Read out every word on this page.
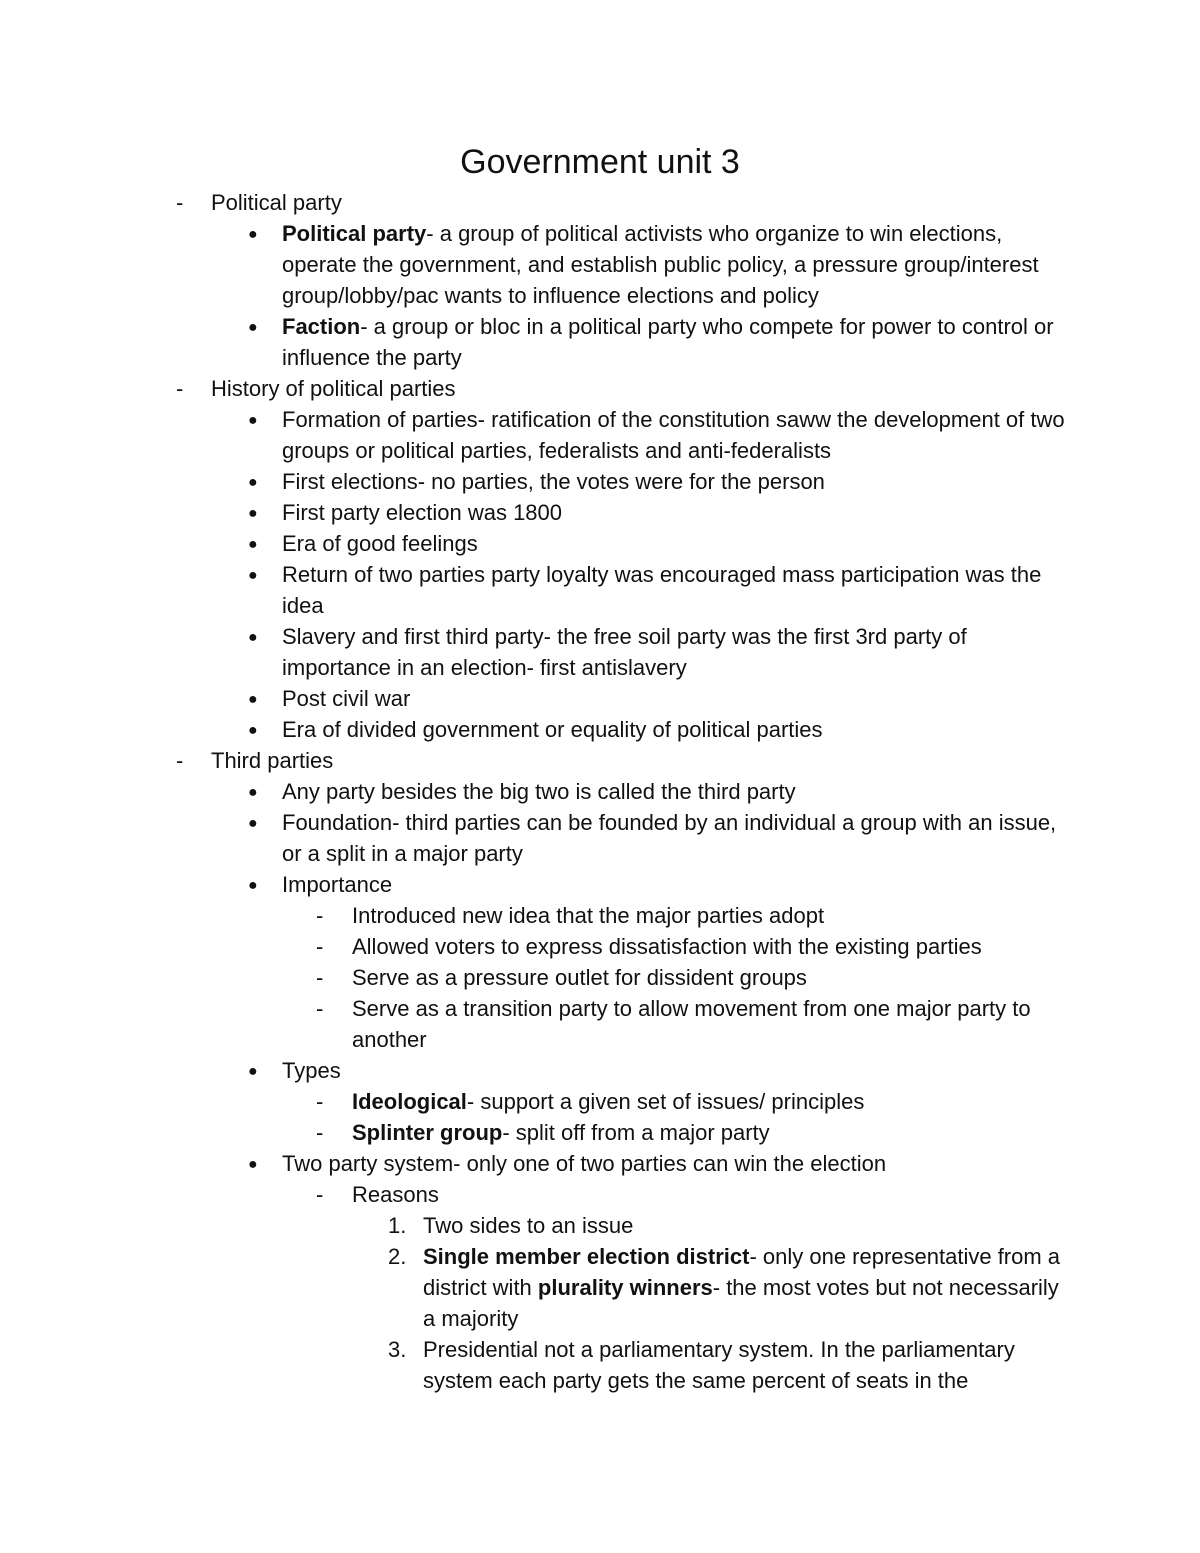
Government unit 3
- Political party
● Political party- a group of political activists who organize to win elections, operate the government, and establish public policy, a pressure group/interest group/lobby/pac wants to influence elections and policy
● Faction- a group or bloc in a political party who compete for power to control or influence the party
- History of political parties
● Formation of parties- ratification of the constitution saww the development of two groups or political parties, federalists and anti-federalists
● First elections- no parties, the votes were for the person
● First party election was 1800
● Era of good feelings
● Return of two parties party loyalty was encouraged mass participation was the idea
● Slavery and first third party- the free soil party was the first 3rd party of importance in an election- first antislavery
● Post civil war
● Era of divided government or equality of political parties
- Third parties
● Any party besides the big two is called the third party
● Foundation- third parties can be founded by an individual a group with an issue, or a split in a major party
● Importance
- Introduced new idea that the major parties adopt
- Allowed voters to express dissatisfaction with the existing parties
- Serve as a pressure outlet for dissident groups
- Serve as a transition party to allow movement from one major party to another
● Types
- Ideological- support a given set of issues/ principles
- Splinter group- split off from a major party
● Two party system- only one of two parties can win the election
- Reasons
1. Two sides to an issue
2. Single member election district- only one representative from a district with plurality winners- the most votes but not necessarily a majority
3. Presidential not a parliamentary system. In the parliamentary system each party gets the same percent of seats in the
